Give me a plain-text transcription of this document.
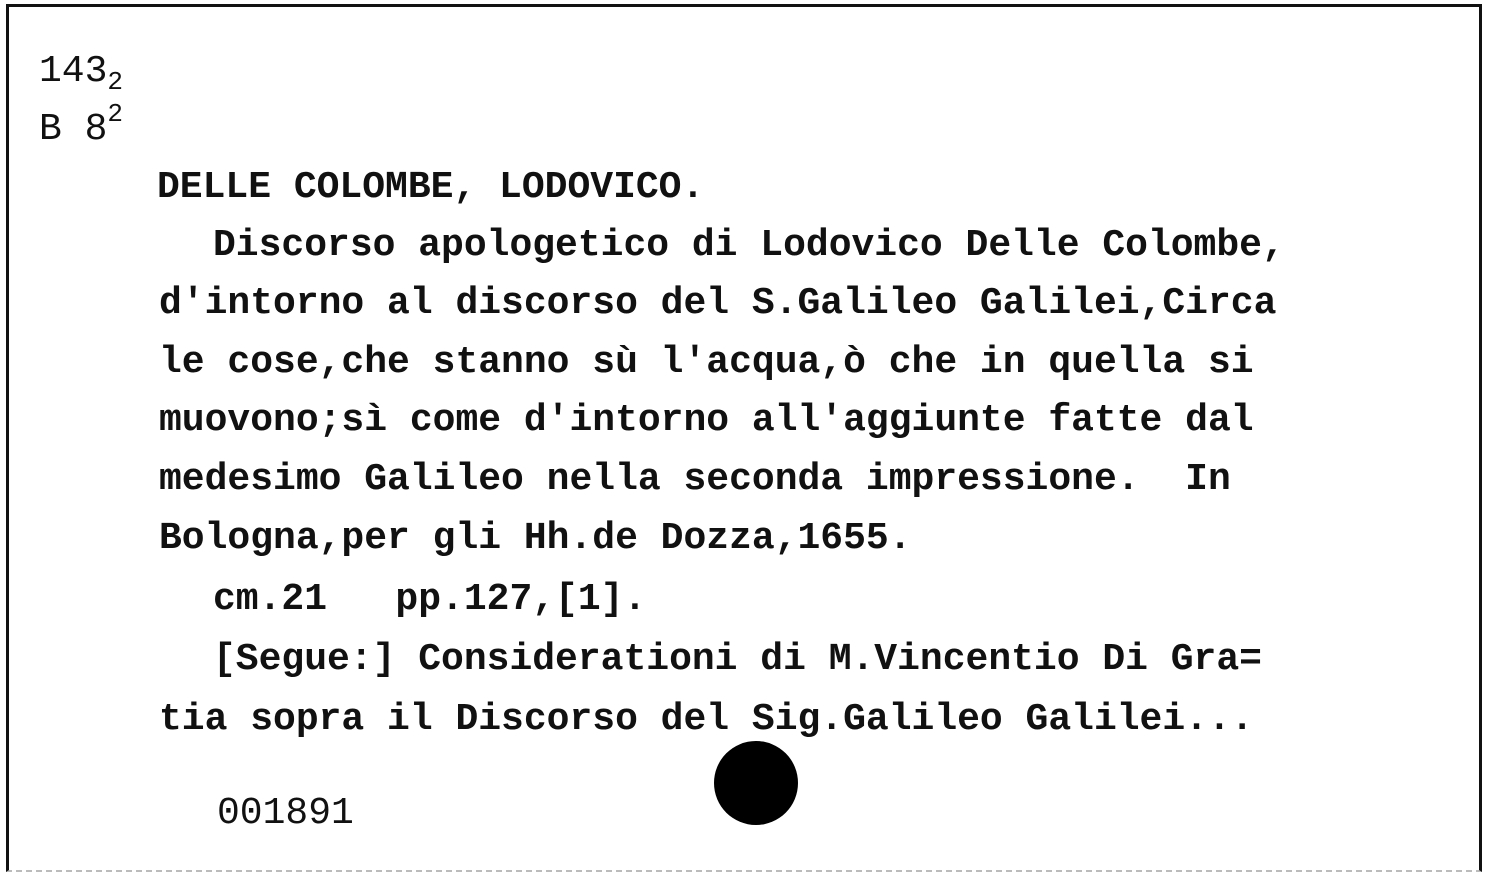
$143_2$
B $8^2$
DELLE COLOMBE, LODOVICO.
Discorso apologetico di Lodovico Delle Colombe,
d'intorno al discorso del S.Galileo Galilei,Circa
le cose,che stanno sù l'acqua,ò che in quella si
muovono;sì come d'intorno all'aggiunte fatte dal
medesimo Galileo nella seconda impressione.  In
Bologna,per gli Hh.de Dozza,1655.
cm.21   pp.127,[1].
[Segue:] Considerationi di M.Vincentio Di Gra=
tia sopra il Discorso del Sig.Galileo Galilei...
001891
